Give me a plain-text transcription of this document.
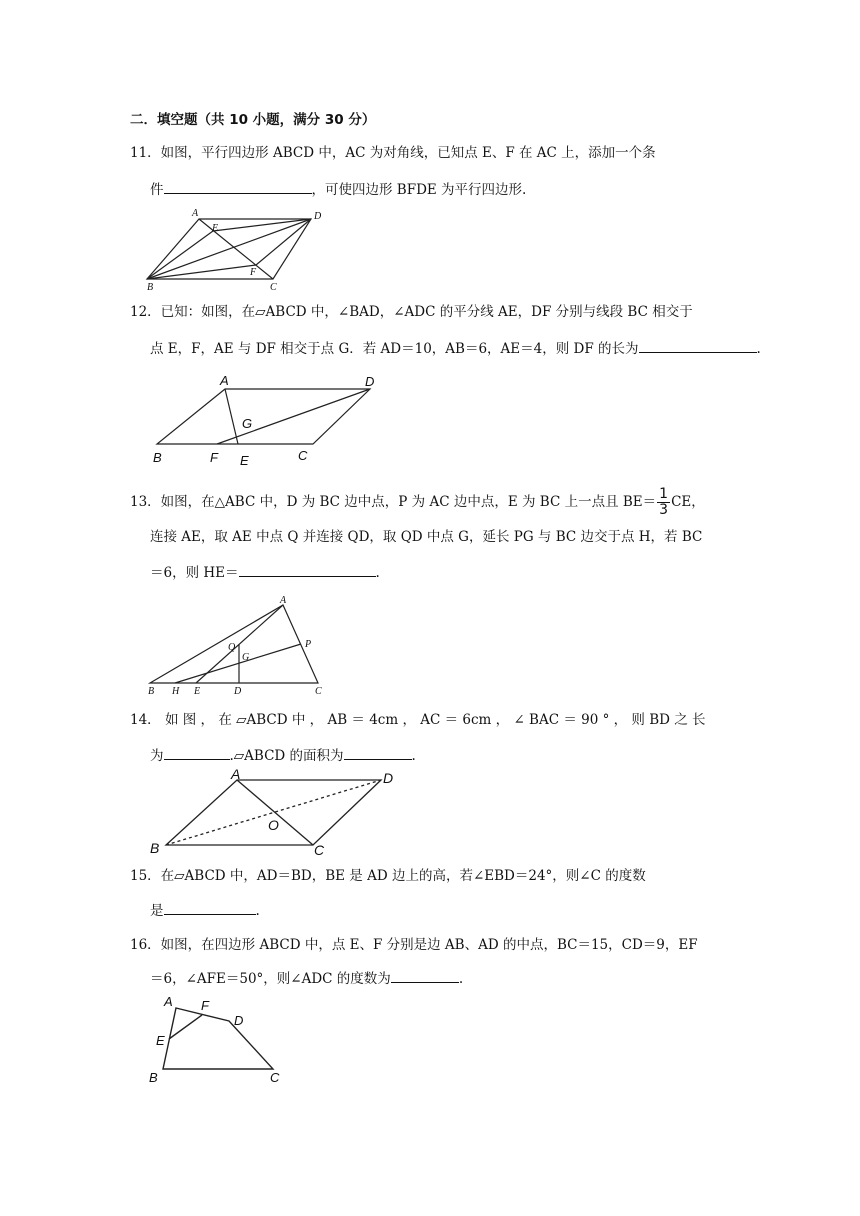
二．填空题（共 10 小题，满分 30 分）
11．如图，平行四边形 ABCD 中，AC 为对角线，已知点 E、F 在 AC 上，添加一个条
件	，可使四边形 BFDE 为平行四边形.
A
E
D
F
B	C
12．已知：如图，在▱ABCD 中，∠BAD，∠ADC 的平分线 AE，DF 分别与线段 BC 相交于
点 E，F，AE 与 DF 相交于点 G．若 AD＝10，AB＝6，AE＝4，则 DF 的长为	.
A	D
G
B	F E	C
13．如图，在△ABC 中，D 为 BC 边中点，P 为 AC 边中点，E 为 BC 上一点且 $BE= \frac{1}{3}$ CE，
连接 AE，取 AE 中点 Q 并连接 QD，取 QD 中点 G，延长 PG 与 BC 边交于点 H，若 BC
＝6，则 HE＝	.
A
Q	P
G
B H E	D	C
14． 如 图 ， 在 ▱ABCD 中 ， AB ＝ 4cm ， AC ＝ 6cm ， ∠ BAC ＝ 90 ° ， 则 BD 之 长
为	.▱ABCD 的面积为	.
A	D
O
B	C
15．在▱ABCD 中，AD＝BD，BE 是 AD 边上的高，若∠EBD＝24°，则∠C 的度数
是	.
16．如图，在四边形 ABCD 中，点 E、F 分别是边 AB、AD 的中点，BC＝15，CD＝9，EF
＝6，∠AFE＝50°，则∠ADC 的度数为	.
A F
D
E
B	C
